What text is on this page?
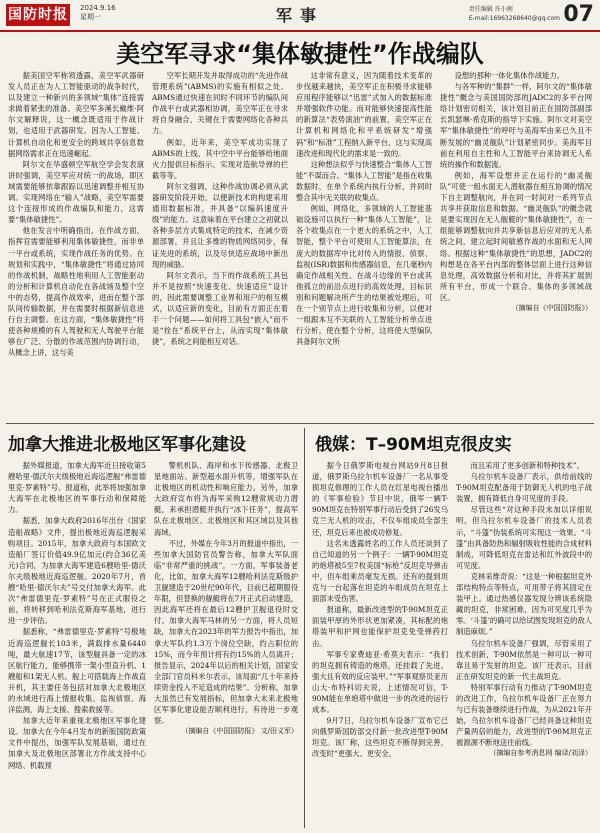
国防时报 2024.9.16
星期一	军事	责任编辑 许小刚
E-mail:16963268640@qq.com 07
美空军寻求“集体敏捷性”作战编队

据美国空军称领透露，美空军武器研发人员正在为人工智能驱动的战争时代，以及建立一种新兴的多领域“集体”连接需求做着紧张的准备。美空军多溪长戴维·阿尔文解释说，这一概念既适用于作战计划，也适用于武器研发。因为人工智能、计算机自动化和更安全的跨域共享信息数据网络需求正在迅速崛起。

阿尔文在华盛顿空军航空学会发表演讲时强调，美空军应对统一的战场，即区域需要能够依靠跟踪以迅速调整并相互协调。实现网络在“输入”战略，美空军需要这个连接形成的作战编队和能力，这需要“集体敏捷性”。

他在发言中明确指出，在作战方面，指挥官需要能够利用集体敏捷性，而非单一平台或系统，实现作战任务的优势。在规划和实践中，“集体敏捷性”将通过协同的作战机制，战略性地利用人工智能驱动的分析和计算机自动化在各战场及整个空中的态势，提高作战效率，进而在整个部队间传输数据，并在需要时根据新信息进行自主调整。在这方面，“集体敏捷性”将使各种规模的有人驾驶和无人驾驶平台能够在广泛、分散的作战范围内协调行动，从概念上讲，这与美

空军长期开发并取得成功的“先进作战管理系统”(ABMS)的实施有相似之处。ABMS通过快速在同时不同环节的编队间作战平台或武器相协调，美空军正在寻求将自身融合，关键在于需要网络化各种兵力。

例如，近年来，美空军成功实现了ABMS的上线，其中空中平台能够给地面火力提供目标指示，实现对造航导弹的拦截等等。

阿尔文强调，这种作战协调必须从武器研发阶段开始，以便新技术的构建采用通用数据标准，并具备“以编码速度升级”的能力。这意味着在平台建立之初就以各种多层方式集成特定的技术，在减少资源部署，并且让多维的物质网络同步，保证先进的系统，以及尽快适应战场中新出现的威胁。

阿尔文表示，当下的作战系统工具包并不是按照“快速变化、快速适应”设计的，因此需要调整工业界和用户的相互模式，以适应新的变化，目前有方面正在着手一个问题——如何将工具包“嵌入”而不是“拴在”系统平台上，从而实现“集体敏捷”，系统之间能相互对话。

这非常有意义，因为随着技术变革的步伐越来越快，美空军正在积极寻求能够应用程序能够以“迅雷”式加入的数据标准并增强软件功能。而对能够快速提高性能的新算法“表势演油”的前置，美空军正在计算机和网络化和平系统研发“增强码”和“标准”工程纳入新平台，这与实现高速改进和现代化的需求是一致的。

这种想法似乎与快速整合“集体人工智能”不谋而合。“集体人工智能”是指在收集数据时，在单个系统内执行分析，并同时整合其中无关联的收集点。

例如，网络化、多领域的人工智能基础设施可以执行一种“集体人工智能”，让各个收集点在一个更大的系统之中，人工智能，整个平台可使用人工智能算法，在庞大的数据库中比对传入的情报、侦察、监视(ISR)数据和传感器信息，在几毫秒内确定作战相关性。在战斗边缘的平台或其他孤立的前沿点进行的高效处理，目标识别和问题解决所产生的结果被处理后，可在一个别节点上进行收集和分析，以便对一组跟本互不关联的人工智能分析单点进行分析，使在整个分析，这将使大型编队具备阿尔文所

设想的那种一体化集体作战能力。

与各军种的“集群”一样，阿尔文的“集体敏捷性”概念与美国国防部的JADC2的多平台网络计划密切相关，该计划目前正在国防部副部长凯瑟琳·希克斯的指导下实施。阿尔文对美空军“集体敏捷性”的呼吁与美海军由来已久且不断发展的“幽灵舰队”计划紧密同步。美海军目前在利用自主性和人工智能平台来协调无人系统的操作和数据流。

例如，海军设想并正在运行的“幽灵舰队”可使一组水面无人潜航器在相互协调的情况下自主调整航向，并在同一时间对一系列节点共享并获取信息和数据。“幽灵舰队”的概念就是要实现因在无人舰艇的“集体敏捷性”，在一组能够调整航向并共享新信息后应对的无人系统之间，建立起时间敏感作战的水面和无人网络。根据这种“集体敏捷性”的思想，JADC2的构想是在各平台内部的整体层面上进行这种信息处理，高效数据分析和对比，并将其扩展到所有平台，形成一个联合、集体的多领域战区。

（摘编自《中国国防报》）
加拿大推进北极地区军事化建设

据外媒报道，加拿大海军近日接收第5艘哈里·德沃尔夫级极地近海巡逻舰“弗雷德里克·罗素特”号。报道称，此举将加强加拿大海军在北极地区的军事行动和保障能力。

据悉，加拿大政府2016年出台《国家造船战略》文件，提出极地近海巡逻舰采购项目。2015年，加拿大政府与本国欧文造船厂签订价值49.9亿加元(约合36亿美元)合同，为加拿大海军建造6艘哈里·德沃尔夫级极地近海巡逻舰。2020年7月，首艘“哈里·德沃尔夫”号交付加拿大海军。此次“弗雷德里克·罗素特”号在正式服役之前，将转移到哈利法克斯海军基地，进行进一步评估。

据悉称，“弗雷德里克·罗素特”号极地近海巡逻舰长103米，满载排水量6440吨，最大航速17节，该型舰具备一定的冰区航行能力，能够携带一架小型直升机、1艘船和1架无人机。舰上可搭载海上作战直升机，其主要任务包括对加拿大北极地区的水域进行海上情报收集、监视侦察、海洋监测，海上支援、搜索救援等。

加拿大近年来重视北极地区军事化建设。加拿大在今年4月发布的新版国防政策文件中提出，加强军队发展基础，通过在加拿大及北极地区部署北方作战支持中心网络、机载预

警机机队、海岸和水下传感器、北极卫星地面站、新型超水面升机等，增强军队在北极地区的机动性和响应能力。另外，加拿大政府宣布将为海军采购12艘常规动力潜艇，来承担潜艇并执行“冰下任务”，提高军队在北极地区、北极地区和其区域以及其他海域。

不过，外媒在今年3月的报道中指出，一些加拿大国防官员警告称，加拿大军队面临“非常严重的挑战”。一方面，军事装备老化，比如，加拿大海军12艘哈利法克斯级护卫舰建造于20世纪90年代，目前已超期服役年限，但替换的舰艇将在7月正式启动建造，因此海军还将在最后12艘护卫舰退役时交付。加拿大海军马林的另一方面，将人员短缺，加拿大在2023年的军力报告中指出，加拿大军队约1.3万个岗位空缺，约占职位的15%，而今年预计将有约15%的人员离开；报告显示，2024年以后的相关计划，国家安全部门官员科米尔表示，该局面“几十年来持续资金投入不足造成的结果”。分析称，加拿大虽然已有发展指标，但加拿大未来北极地区军事化建设能否顺利进行，有待进一步观察。

（摘编自《中国国防报》 文/田义军）
俄媒：T–90M坦克很皮实

据今日俄罗斯电视台网站9月8日报道，俄罗斯乌拉尔机车设备厂一名从事受损坦克修理的工作人员在红星电视台播出的《军事检验》节目中说，俄军一辆T-90M坦克在特别军事行动后受到了26发乌克兰无人机的攻击，不仅车组成员全部生还，坦克后来也被成功修复。

这名未透露姓名的工作人员还谈到了自己知道的另一个例子：一辆T-90M坦克的炮塔被5至7枚美国“标枪”反坦克导弹击中，但车组乘员毫发无损。还有的提到坦克与一台起落在坦克的车组成员在坦克上面部未受伤害。

报道称，最新改进型的T-90M坦克正面装甲厚的外形状更加紧凑，其标配的炮塔装甲和护网也能保护坦克免受弹药打击。

军事专家费迪亚·希莫夫表示：“我们的坦克拥有铸造的炮塔，还挂载了先进、强大且有效的反应装甲。”“军事观察员亚历山大·布特科切夫说，上述情况可信，T-90M能在单炮塔中做进一步的改进的运行成本。

9月7日，乌拉尔机车设备厂宣布它已向俄罗斯国防部交付新一批改进型T-90M坦克。该厂称，这些坦克不断得到完善，改变时“更强大、更安全，

而且采用了更多创新和特种技术”。

乌拉尔机车设备厂表示，供给前线的T-90M坦克配备用于防御无人机的电子战装置，拥有降低自身可见度的手段。

尽管这些“对这种手段未加以详细说明，但乌拉尔机车设备厂的技术人员表示，“斗篷”伪装系统可实现这一效果。“斗篷”由具备防热和辐射吸收性能的合成材料制成，可降低坦克在雷达和红外波段中的可见度。

克林采维奇说：“这是一种根据坦克外部结构特点等特点，可用带子将其固定在装甲上。通过热感仪器发现分辨该系统隐藏的坦克，非常困难，因为可见度几乎为零。‘斗篷’的确可以给试图发现坦克的敌人制造麻烦。”

乌拉尔机车设备厂强调，尽管采用了技术创新，T-90M依然是一种可以一种可靠且易于发射的坦克。该厂还表示，目前正在研发坦克的新一代主战坦克。

特别军事行动有力推动了T-90M坦克的改进工作，乌拉尔机车设备厂正在努力与已有装备继续进行作战，为从2021年开始，乌拉尔机车设备厂已经具备这种坦克产量两倍的能力，改进型的T-90M坦克正被源源不断地送往前线。

（摘编自参考消息网 编译/刘泽）
